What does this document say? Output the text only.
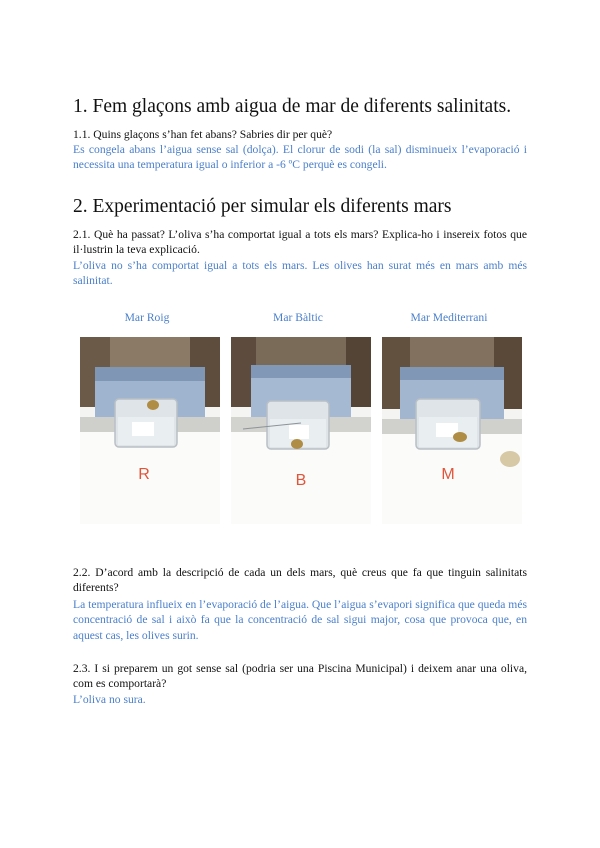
1. Fem glaçons amb aigua de mar de diferents salinitats.

1.1. Quins glaçons s’han fet abans? Sabries dir per què?

Es congela abans l’aigua sense sal (dolça). El clorur de sodi (la sal) disminueix l’evaporació i necessita una temperatura igual o inferior a -6 ºC perquè es congeli.

2. Experimentació per simular els diferents mars

2.1. Què ha passat? L’oliva s’ha comportat igual a tots els mars? Explica-ho i insereix fotos que il·lustrin la teva explicació.

L’oliva no s’ha comportat igual a tots els mars. Les olives han surat més en mars amb més salinitat.

Mar Roig	Mar Bàltic	Mar Mediterrani
R	B	M

2.2. D’acord amb la descripció de cada un dels mars, què creus que fa que tinguin salinitats diferents?

La temperatura influeix en l’evaporació de l’aigua. Que l’aigua s’evapori significa que queda més concentració de sal i això fa que la concentració de sal sigui major, cosa que provoca que, en aquest cas, les olives surin.

2.3. I si preparem un got sense sal (podria ser una Piscina Municipal) i deixem anar una oliva, com es comportarà?

L’oliva no sura.
